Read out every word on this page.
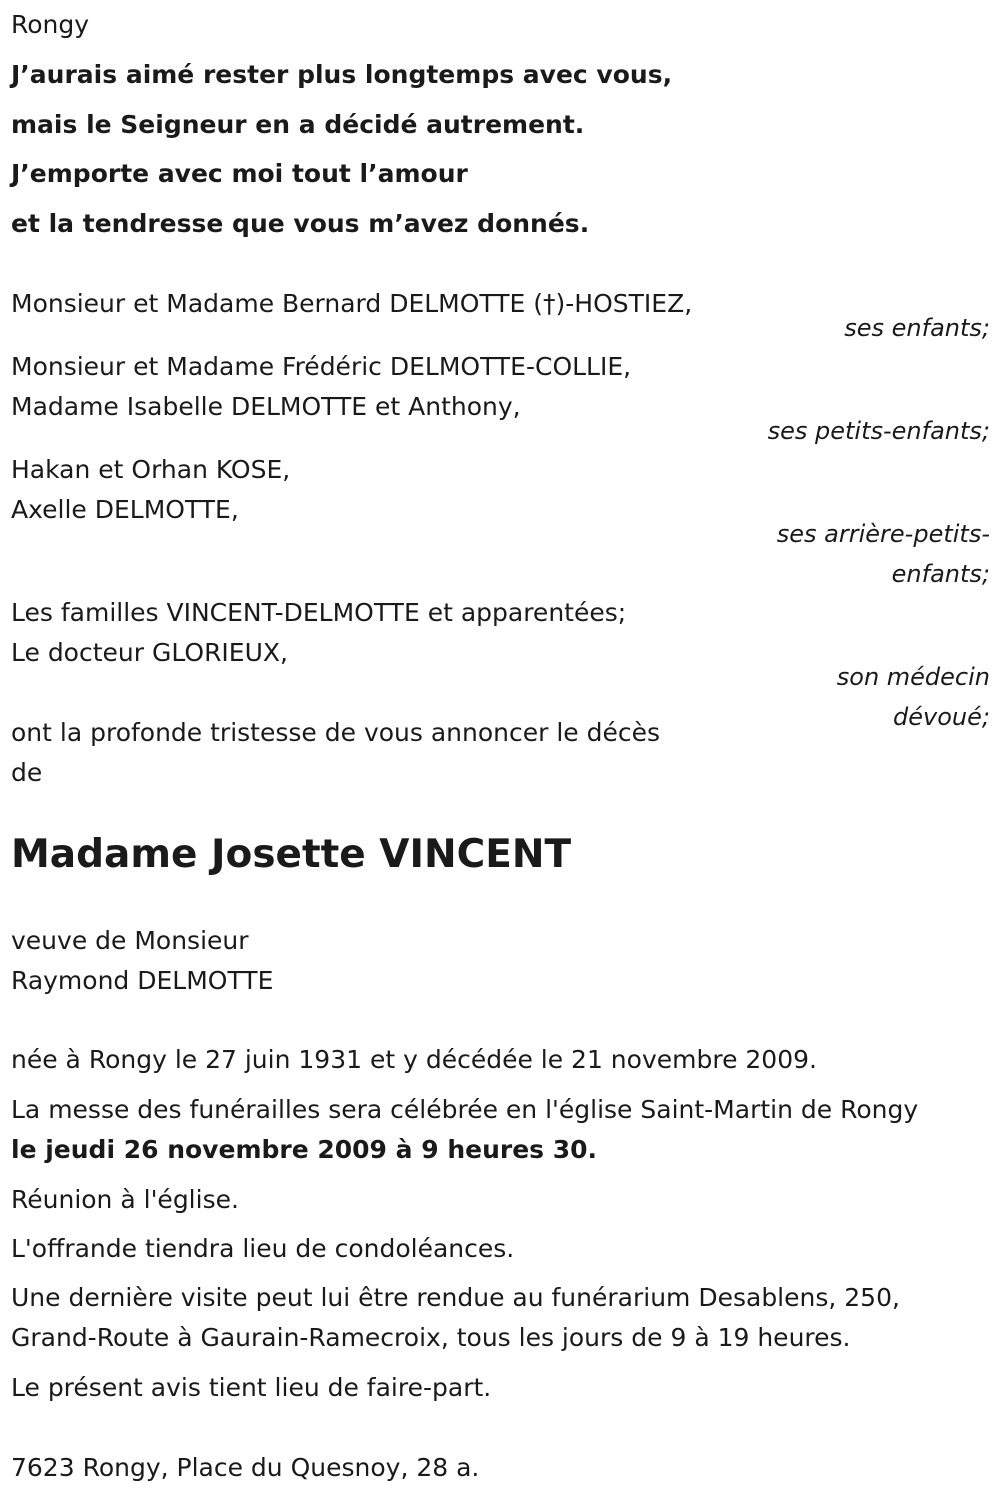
Rongy

J’aurais aimé rester plus longtemps avec vous,

mais le Seigneur en a décidé autrement.

J’emporte avec moi tout l’amour

et la tendresse que vous m’avez donnés.

Monsieur et Madame Bernard DELMOTTE (†)-HOSTIEZ,

ses enfants;

Monsieur et Madame Frédéric DELMOTTE-COLLIE,

Madame Isabelle DELMOTTE et Anthony,

ses petits-enfants;

Hakan et Orhan KOSE,

Axelle DELMOTTE,

ses arrière-petits-

enfants;

Les familles VINCENT-DELMOTTE et apparentées;

Le docteur GLORIEUX,

son médecin

dévoué;

ont la profonde tristesse de vous annoncer le décès

de

Madame Josette VINCENT

veuve de Monsieur

Raymond DELMOTTE

née à Rongy le 27 juin 1931 et y décédée le 21 novembre 2009.

La messe des funérailles sera célébrée en l'église Saint-Martin de Rongy

le jeudi 26 novembre 2009 à 9 heures 30.

Réunion à l'église.

L'offrande tiendra lieu de condoléances.

Une dernière visite peut lui être rendue au funérarium Desablens, 250,

Grand-Route à Gaurain-Ramecroix, tous les jours de 9 à 19 heures.

Le présent avis tient lieu de faire-part.

7623 Rongy, Place du Quesnoy, 28 a.
